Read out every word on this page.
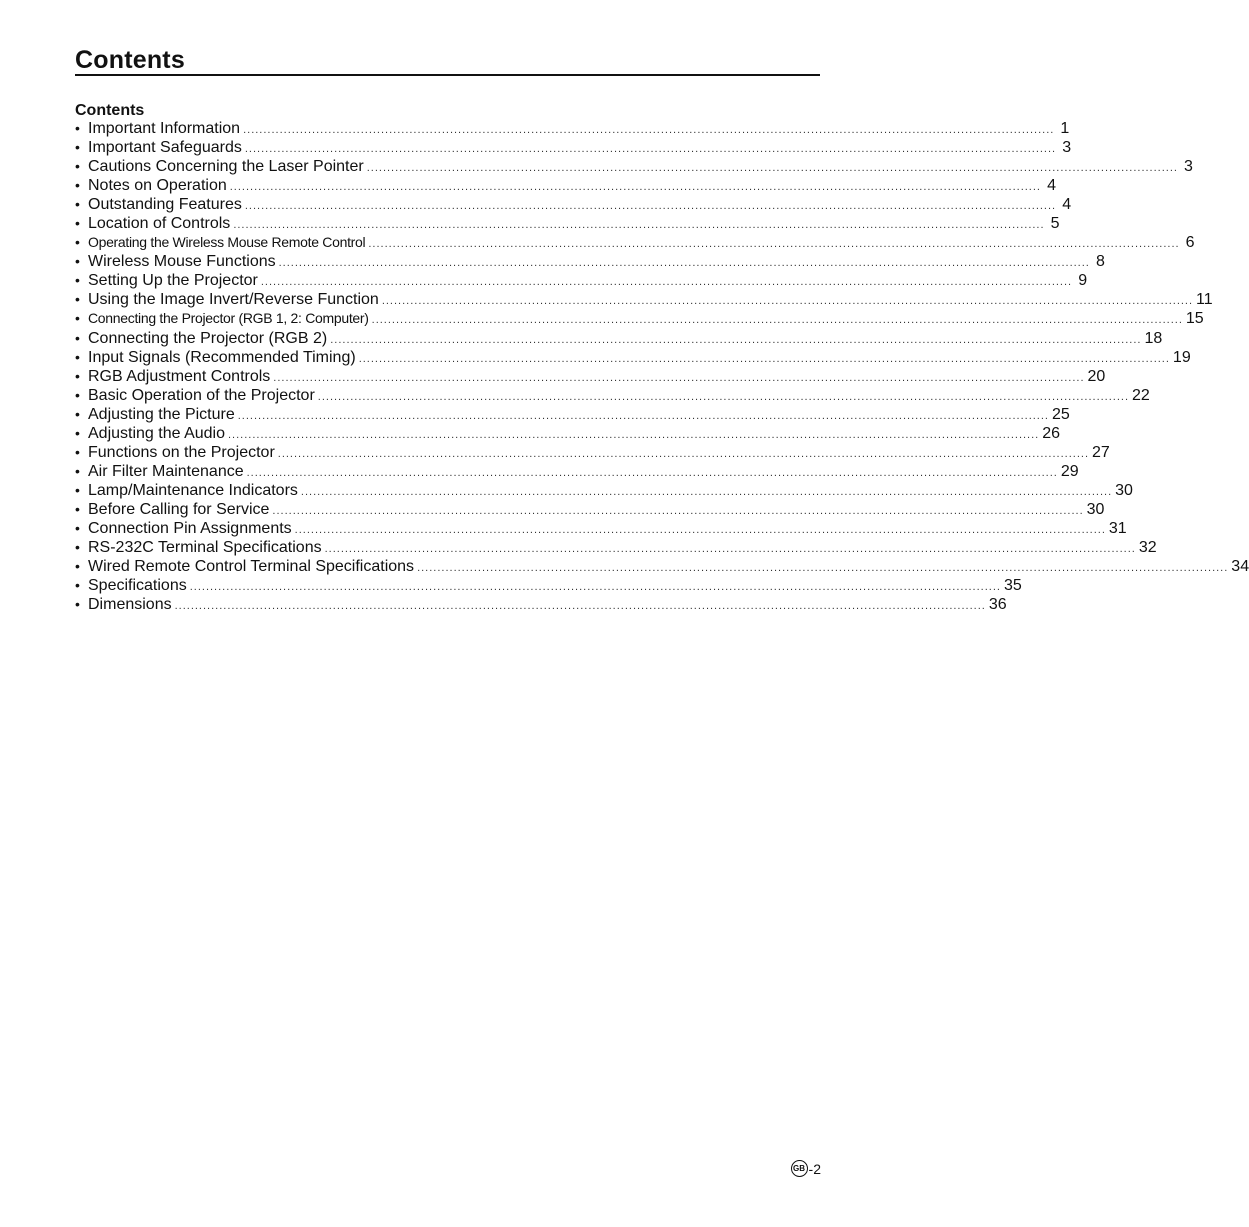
Contents
Contents
• Important Information ........................................................................................................................................................................................................ 1
• Important Safeguards ........................................................................................................................................................................................................ 3
• Cautions Concerning the Laser Pointer ........................................................................................................................................................................................................ 3
• Notes on Operation ........................................................................................................................................................................................................ 4
• Outstanding Features ........................................................................................................................................................................................................ 4
• Location of Controls ........................................................................................................................................................................................................ 5
• Operating the Wireless Mouse Remote Control ........................................................................................................................................................................................................ 6
• Wireless Mouse Functions ........................................................................................................................................................................................................ 8
• Setting Up the Projector ........................................................................................................................................................................................................ 9
• Using the Image Invert/Reverse Function ........................................................................................................................................................................................................ 11
• Connecting the Projector (RGB 1, 2: Computer) ........................................................................................................................................................................................................ 15
• Connecting the Projector (RGB 2) ........................................................................................................................................................................................................ 18
• Input Signals (Recommended Timing) ........................................................................................................................................................................................................ 19
• RGB Adjustment Controls ........................................................................................................................................................................................................ 20
• Basic Operation of the Projector ........................................................................................................................................................................................................ 22
• Adjusting the Picture ........................................................................................................................................................................................................ 25
• Adjusting the Audio ........................................................................................................................................................................................................ 26
• Functions on the Projector ........................................................................................................................................................................................................ 27
• Air Filter Maintenance ........................................................................................................................................................................................................ 29
• Lamp/Maintenance Indicators ........................................................................................................................................................................................................ 30
• Before Calling for Service ........................................................................................................................................................................................................ 30
• Connection Pin Assignments ........................................................................................................................................................................................................ 31
• RS-232C Terminal Specifications ........................................................................................................................................................................................................ 32
• Wired Remote Control Terminal Specifications ........................................................................................................................................................................................................ 34
• Specifications ........................................................................................................................................................................................................ 35
• Dimensions ........................................................................................................................................................................................................ 36
GB -2
